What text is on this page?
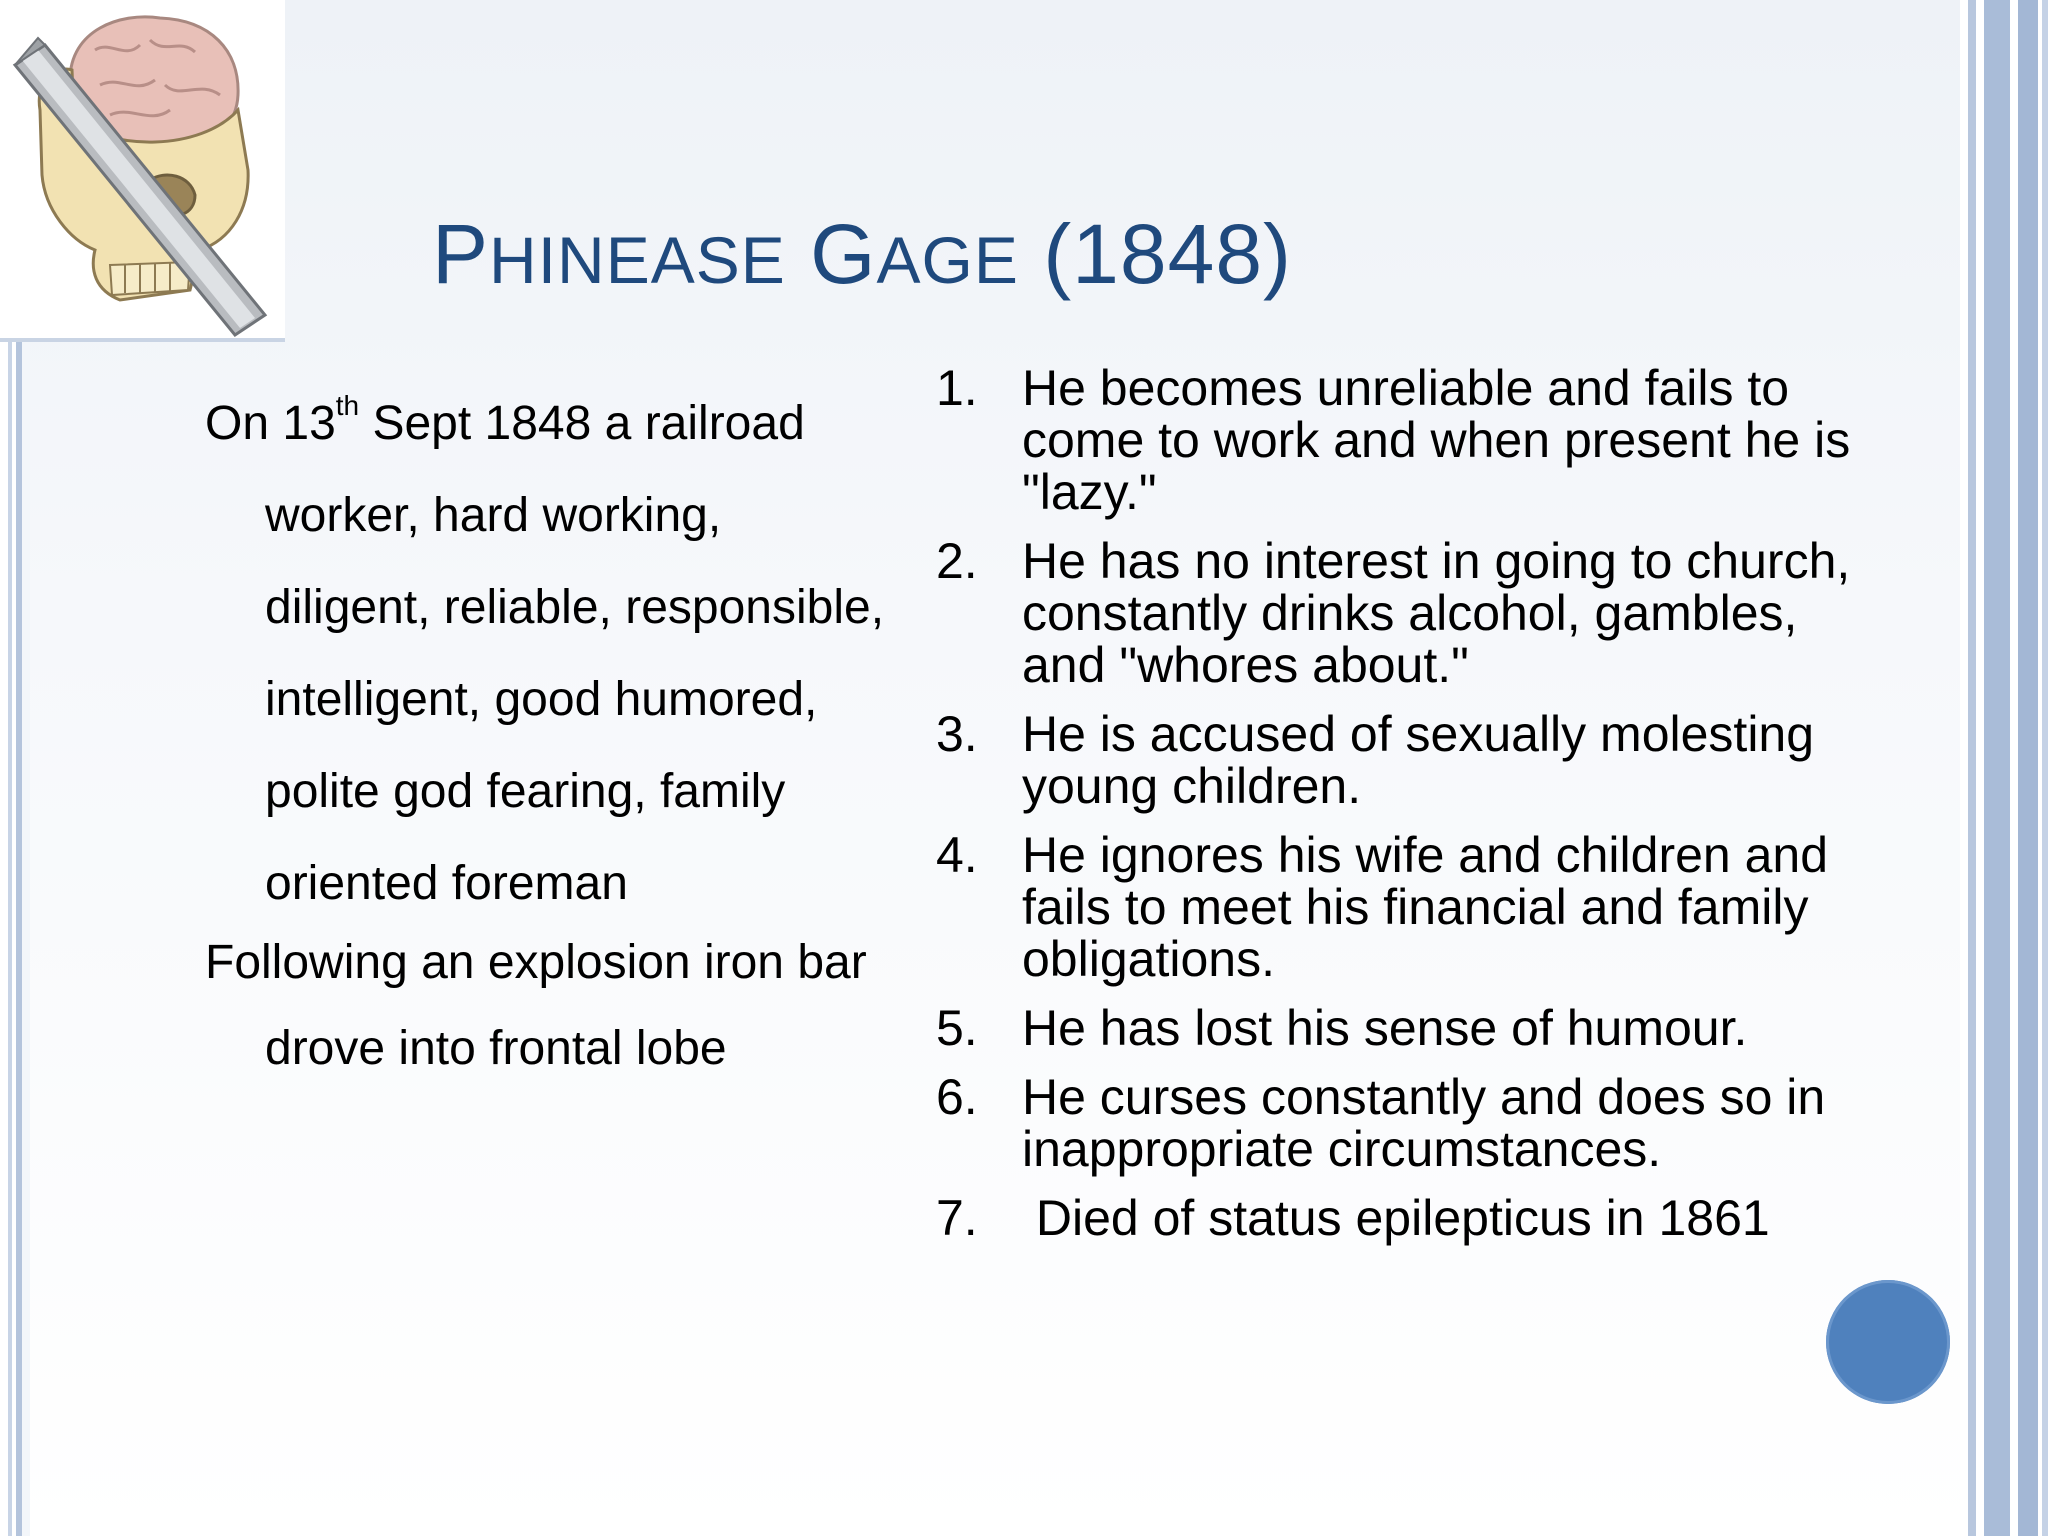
PHINEASE GAGE (1848)

On 13th Sept 1848 a railroad worker, hard working, diligent, reliable, responsible, intelligent, good humored, polite god fearing, family oriented foreman

Following an explosion iron bar drove into frontal lobe

1. He becomes unreliable and fails to come to work and when present he is "lazy."
2. He has no interest in going to church, constantly drinks alcohol, gambles, and "whores about."
3. He is accused of sexually molesting young children.
4. He ignores his wife and children and fails to meet his financial and family obligations.
5. He has lost his sense of humour.
6. He curses constantly and does so in inappropriate circumstances.
7. Died of status epilepticus in 1861
